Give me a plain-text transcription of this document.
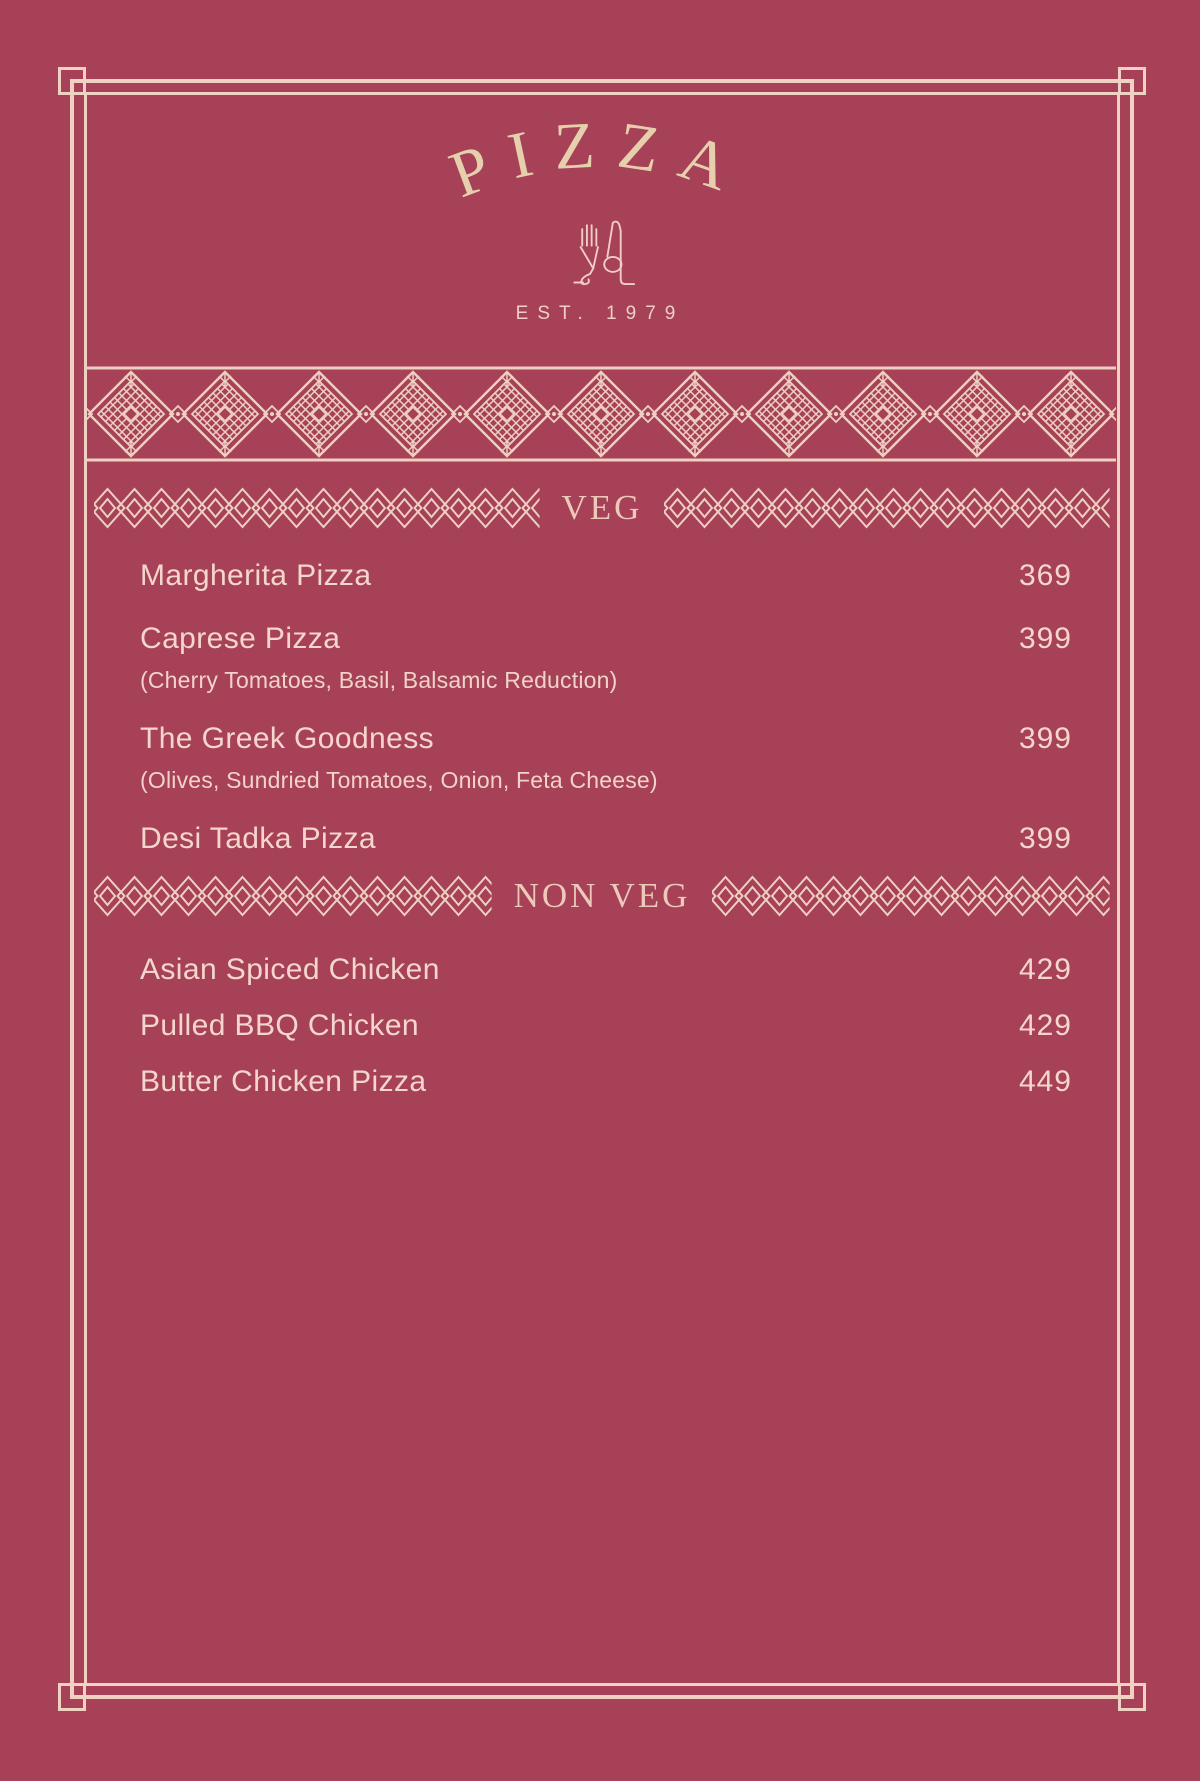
PIZZA
EST. 1979
VEG
Margherita Pizza	369
Caprese Pizza	399
(Cherry Tomatoes, Basil, Balsamic Reduction)
The Greek Goodness	399
(Olives, Sundried Tomatoes, Onion, Feta Cheese)
Desi Tadka Pizza	399
NON VEG
Asian Spiced Chicken	429
Pulled BBQ Chicken	429
Butter Chicken Pizza	449
